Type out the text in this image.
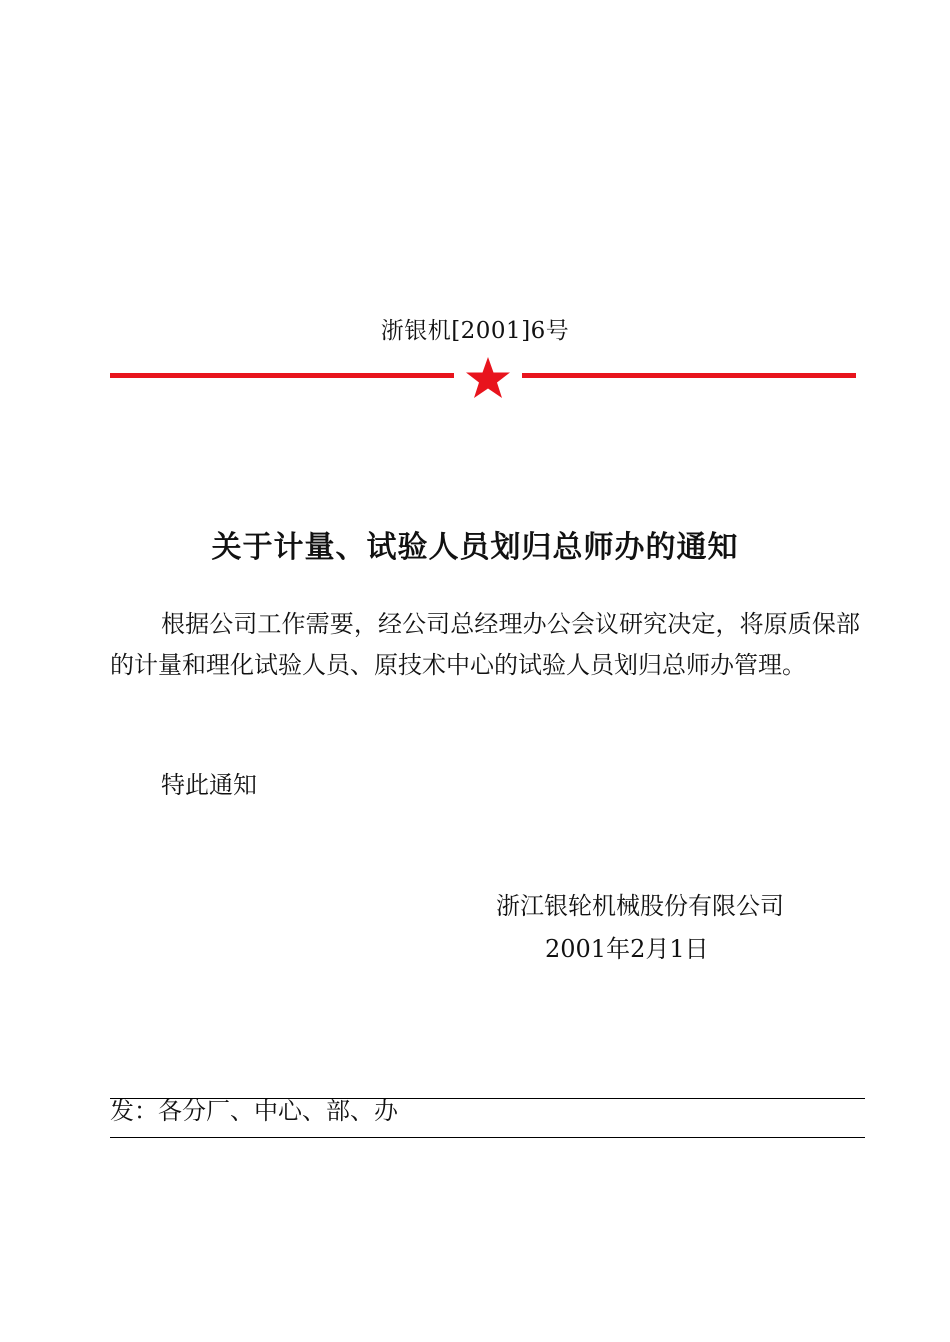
浙银机[2001]6号
关于计量、试验人员划归总师办的通知
根据公司工作需要，经公司总经理办公会议研究决定，将原质保部的计量和理化试验人员、原技术中心的试验人员划归总师办管理。
特此通知
浙江银轮机械股份有限公司
2001年2月1日
发：各分厂、中心、部、办
